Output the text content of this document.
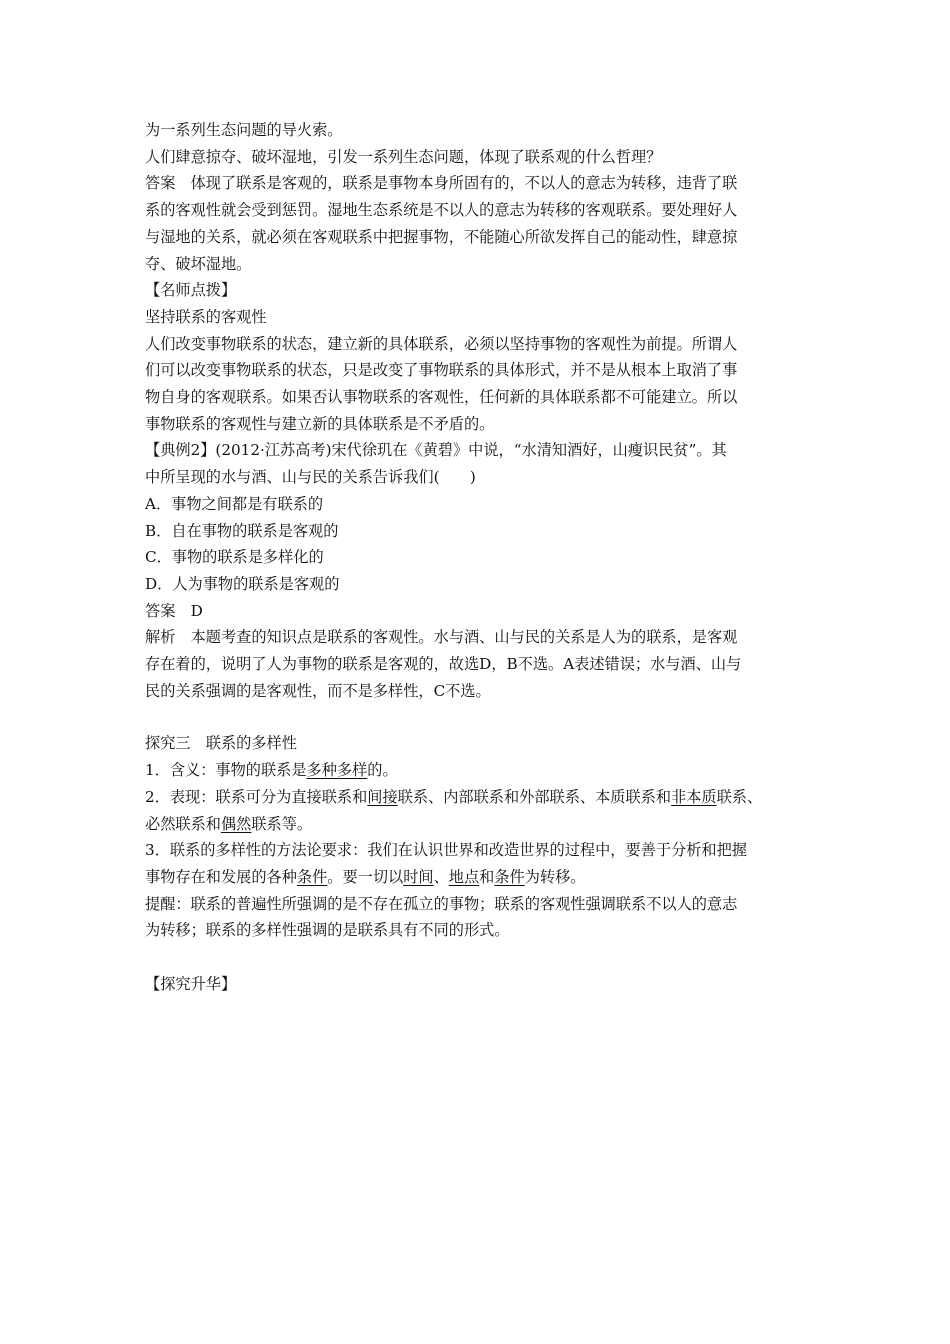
为一系列生态问题的导火索。

人们肆意掠夺、破坏湿地，引发一系列生态问题，体现了联系观的什么哲理？

答案　体现了联系是客观的，联系是事物本身所固有的，不以人的意志为转移，违背了联

系的客观性就会受到惩罚。湿地生态系统是不以人的意志为转移的客观联系。要处理好人

与湿地的关系，就必须在客观联系中把握事物，不能随心所欲发挥自己的能动性，肆意掠

夺、破坏湿地。

【名师点拨】

坚持联系的客观性

人们改变事物联系的状态，建立新的具体联系，必须以坚持事物的客观性为前提。所谓人

们可以改变事物联系的状态，只是改变了事物联系的具体形式，并不是从根本上取消了事

物自身的客观联系。如果否认事物联系的客观性，任何新的具体联系都不可能建立。所以

事物联系的客观性与建立新的具体联系是不矛盾的。

【典例2】(2012·江苏高考)宋代徐玑在《黄碧》中说，“水清知酒好，山瘦识民贫”。其

中所呈现的水与酒、山与民的关系告诉我们(　　)

A．事物之间都是有联系的

B．自在事物的联系是客观的

C．事物的联系是多样化的

D．人为事物的联系是客观的

答案　D

解析　本题考查的知识点是联系的客观性。水与酒、山与民的关系是人为的联系，是客观

存在着的，说明了人为事物的联系是客观的，故选D，B不选。A表述错误；水与酒、山与

民的关系强调的是客观性，而不是多样性，C不选。

探究三　联系的多样性

1．含义：事物的联系是多种多样的。

2．表现：联系可分为直接联系和间接联系、内部联系和外部联系、本质联系和非本质联系、

必然联系和偶然联系等。

3．联系的多样性的方法论要求：我们在认识世界和改造世界的过程中，要善于分析和把握

事物存在和发展的各种条件。要一切以时间、地点和条件为转移。

提醒：联系的普遍性所强调的是不存在孤立的事物；联系的客观性强调联系不以人的意志

为转移；联系的多样性强调的是联系具有不同的形式。

【探究升华】
